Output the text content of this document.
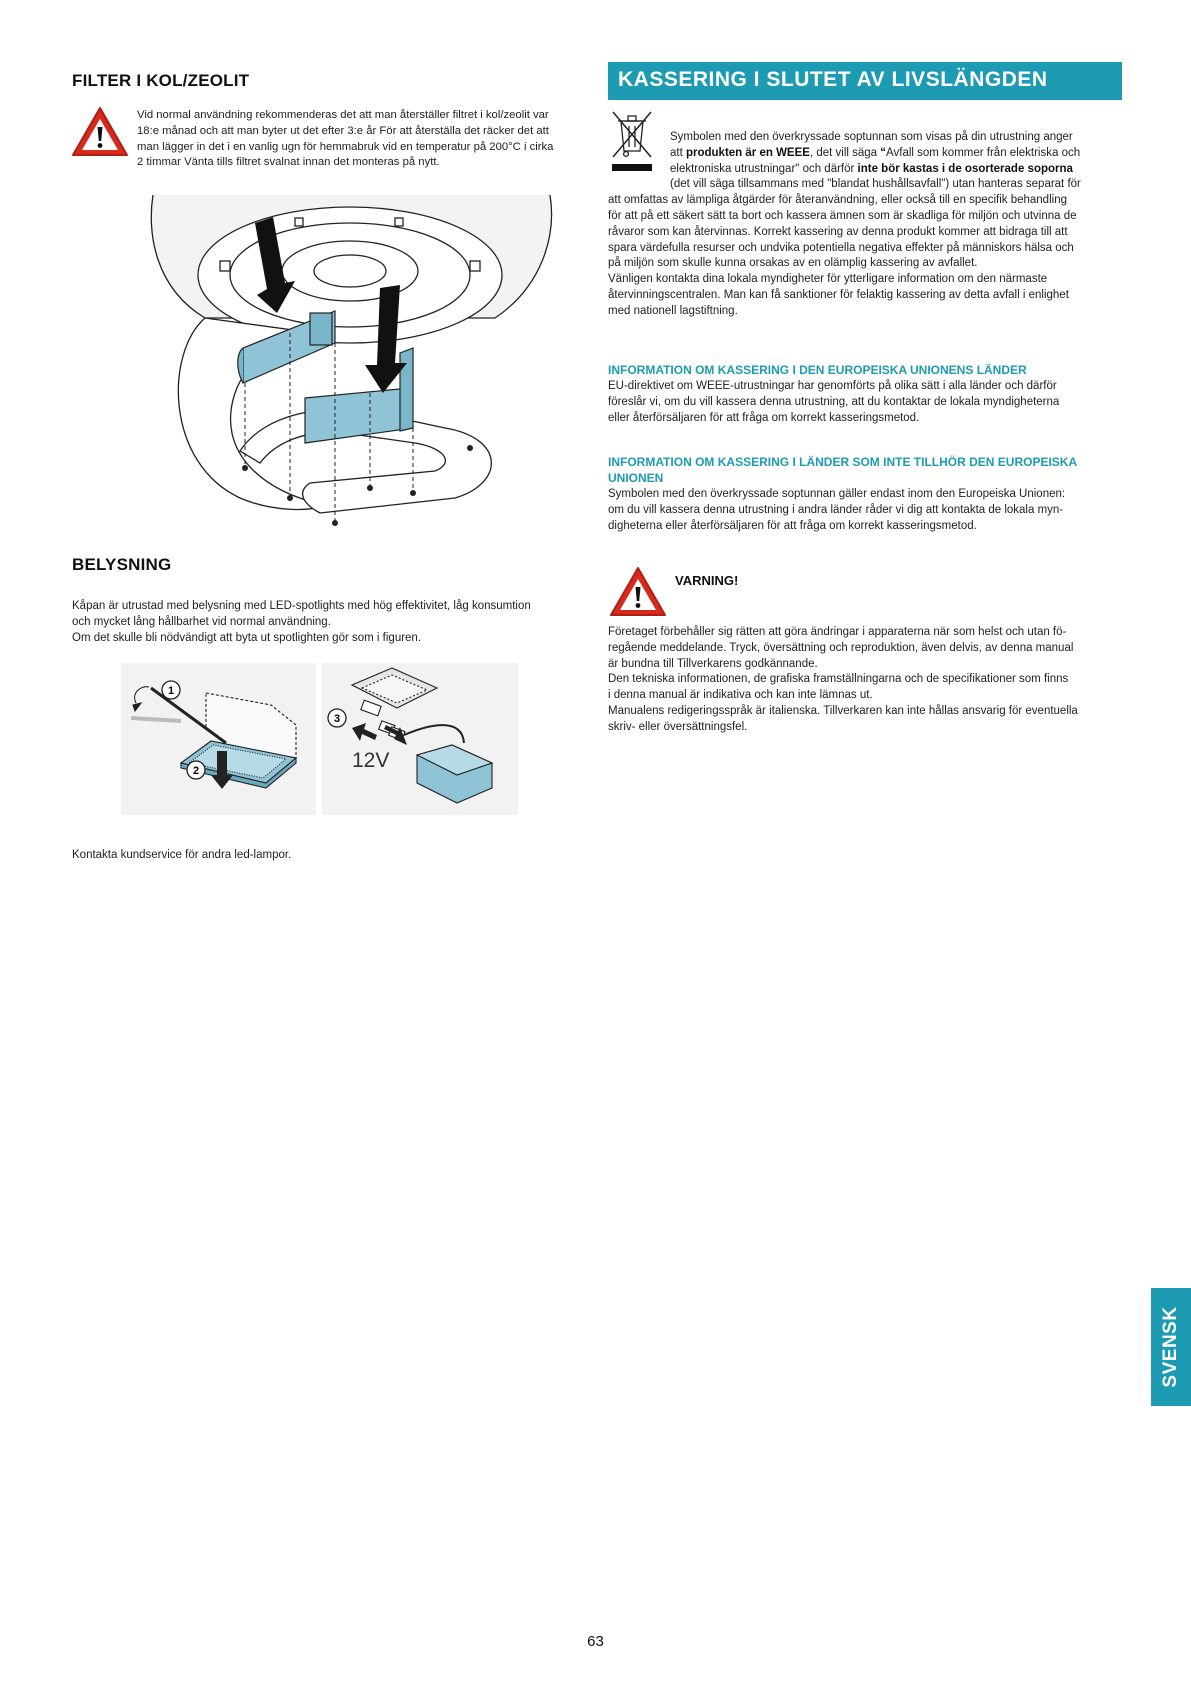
FILTER I KOL/ZEOLIT

Vid normal användning rekommenderas det att man återställer filtret i kol/zeolit var

18:e månad och att man byter ut det efter 3:e år För att återställa det räcker det att

man lägger in det i en vanlig ugn för hemmabruk vid en temperatur på 200°C i cirka

2 timmar Vänta tills filtret svalnat innan det monteras på nytt.

BELYSNING

Kåpan är utrustad med belysning med LED-spotlights med hög effektivitet, låg konsumtion

och mycket lång hållbarhet vid normal användning.

Om det skulle bli nödvändigt att byta ut spotlighten gör som i figuren.

1
2
3
12V

Kontakta kundservice för andra led-lampor.

KASSERING I SLUTET AV LIVSLÄNGDEN

Symbolen med den överkryssade soptunnan som visas på din utrustning anger

att produkten är en WEEE, det vill säga “Avfall som kommer från elektriska och

elektroniska utrustningar" och därför inte bör kastas i de osorterade soporna

(det vill säga tillsammans med "blandat hushållsavfall") utan hanteras separat för

att omfattas av lämpliga åtgärder för återanvändning, eller också till en specifik behandling

för att på ett säkert sätt ta bort och kassera ämnen som är skadliga för miljön och utvinna de

råvaror som kan återvinnas. Korrekt kassering av denna produkt kommer att bidraga till att

spara värdefulla resurser och undvika potentiella negativa effekter på människors hälsa och

på miljön som skulle kunna orsakas av en olämplig kassering av avfallet.

Vänligen kontakta dina lokala myndigheter för ytterligare information om den närmaste

återvinningscentralen. Man kan få sanktioner för felaktig kassering av detta avfall i enlighet

med nationell lagstiftning.

INFORMATION OM KASSERING I DEN EUROPEISKA UNIONENS LÄNDER

EU-direktivet om WEEE-utrustningar har genomförts på olika sätt i alla länder och därför

föreslår vi, om du vill kassera denna utrustning, att du kontaktar de lokala myndigheterna

eller återförsäljaren för att fråga om korrekt kasseringsmetod.

INFORMATION OM KASSERING I LÄNDER SOM INTE TILLHÖR DEN EUROPEISKA
UNIONEN

Symbolen med den överkryssade soptunnan gäller endast inom den Europeiska Unionen:

om du vill kassera denna utrustning i andra länder råder vi dig att kontakta de lokala myn-

digheterna eller återförsäljaren för att fråga om korrekt kasseringsmetod.

VARNING!

Företaget förbehåller sig rätten att göra ändringar i apparaterna när som helst och utan fö-

regående meddelande. Tryck, översättning och reproduktion, även delvis, av denna manual

är bundna till Tillverkarens godkännande.

Den tekniska informationen, de grafiska framställningarna och de specifikationer som finns

i denna manual är indikativa och kan inte lämnas ut.

Manualens redigeringsspråk är italienska. Tillverkaren kan inte hållas ansvarig för eventuella

skriv- eller översättningsfel.

SVENSK
63
